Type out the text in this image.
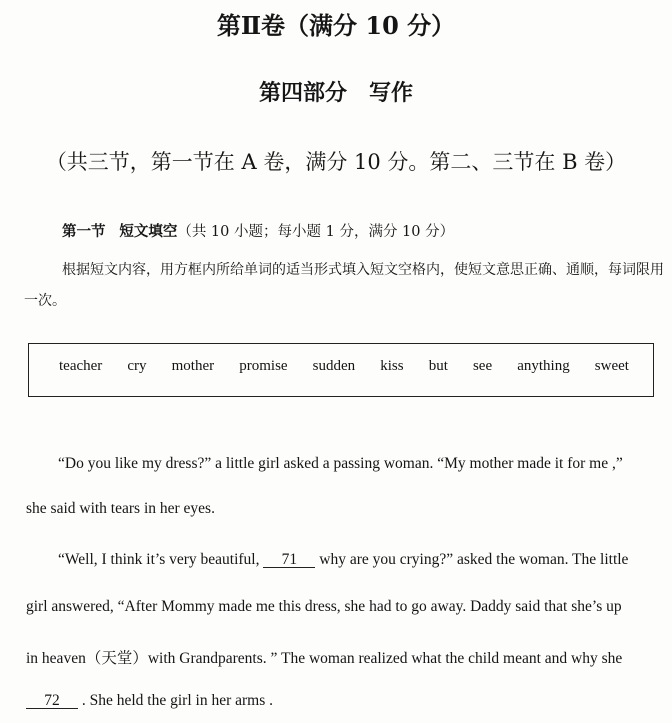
第Ⅱ卷（满分 10 分）
第四部分　写作
（共三节，第一节在 A 卷，满分 10 分。第二、三节在 B 卷）
第一节 短文填空（共 10 小题；每小题 1 分，满分 10 分）
根据短文内容，用方框内所给单词的适当形式填入短文空格内，使短文意思正确、通顺，每词限用一次。
teacher cry mother promise sudden kiss but see anything sweet
“Do you like my dress?” a little girl asked a passing woman. “My mother made it for me ,”
she said with tears in her eyes.
“Well, I think it’s very beautiful, 71 why are you crying?” asked the woman. The little
girl answered, “After Mommy made me this dress, she had to go away. Daddy said that she’s up
in heaven（天堂）with Grandparents. ” The woman realized what the child meant and why she
72 . She held the girl in her arms .
